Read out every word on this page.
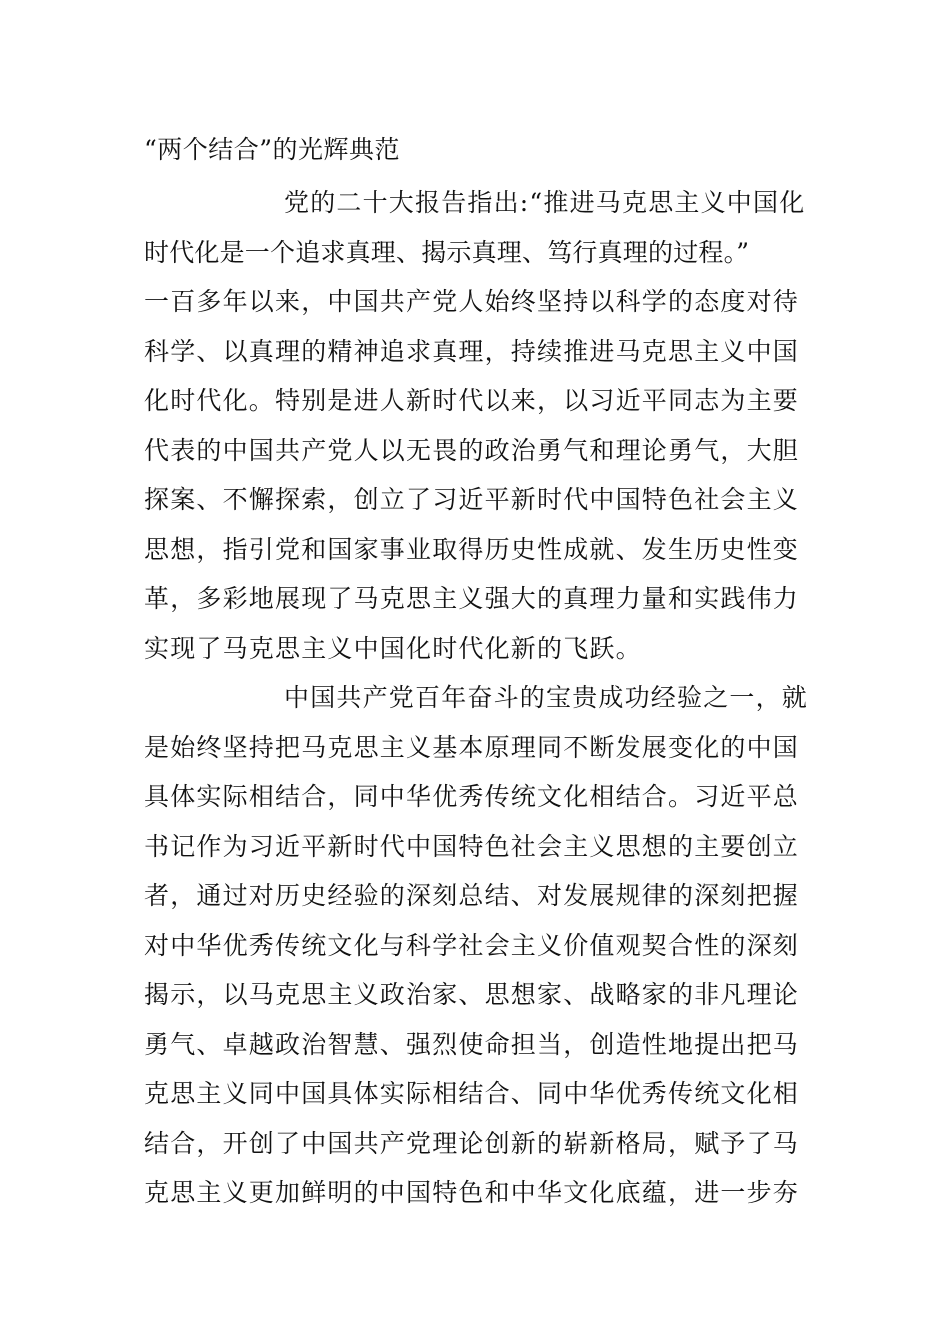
“两个结合”的光辉典范
党的二十大报告指出:“推进马克思主义中国化
时代化是一个追求真理、揭示真理、笃行真理的过程。”
一百多年以来，中国共产党人始终坚持以科学的态度对待
科学、以真理的精神追求真理，持续推进马克思主义中国
化时代化。特别是进人新时代以来，以习近平同志为主要
代表的中国共产党人以无畏的政治勇气和理论勇气，大胆
探案、不懈探索，创立了习近平新时代中国特色社会主义
思想，指引党和国家事业取得历史性成就、发生历史性变
革，多彩地展现了马克思主义强大的真理力量和实践伟力
实现了马克思主义中国化时代化新的飞跃。
中国共产党百年奋斗的宝贵成功经验之一，就
是始终坚持把马克思主义基本原理同不断发展变化的中国
具体实际相结合，同中华优秀传统文化相结合。习近平总
书记作为习近平新时代中国特色社会主义思想的主要创立
者，通过对历史经验的深刻总结、对发展规律的深刻把握
对中华优秀传统文化与科学社会主义价值观契合性的深刻
揭示，以马克思主义政治家、思想家、战略家的非凡理论
勇气、卓越政治智慧、强烈使命担当，创造性地提出把马
克思主义同中国具体实际相结合、同中华优秀传统文化相
结合，开创了中国共产党理论创新的崭新格局，赋予了马
克思主义更加鲜明的中国特色和中华文化底蕴，进一步夯
